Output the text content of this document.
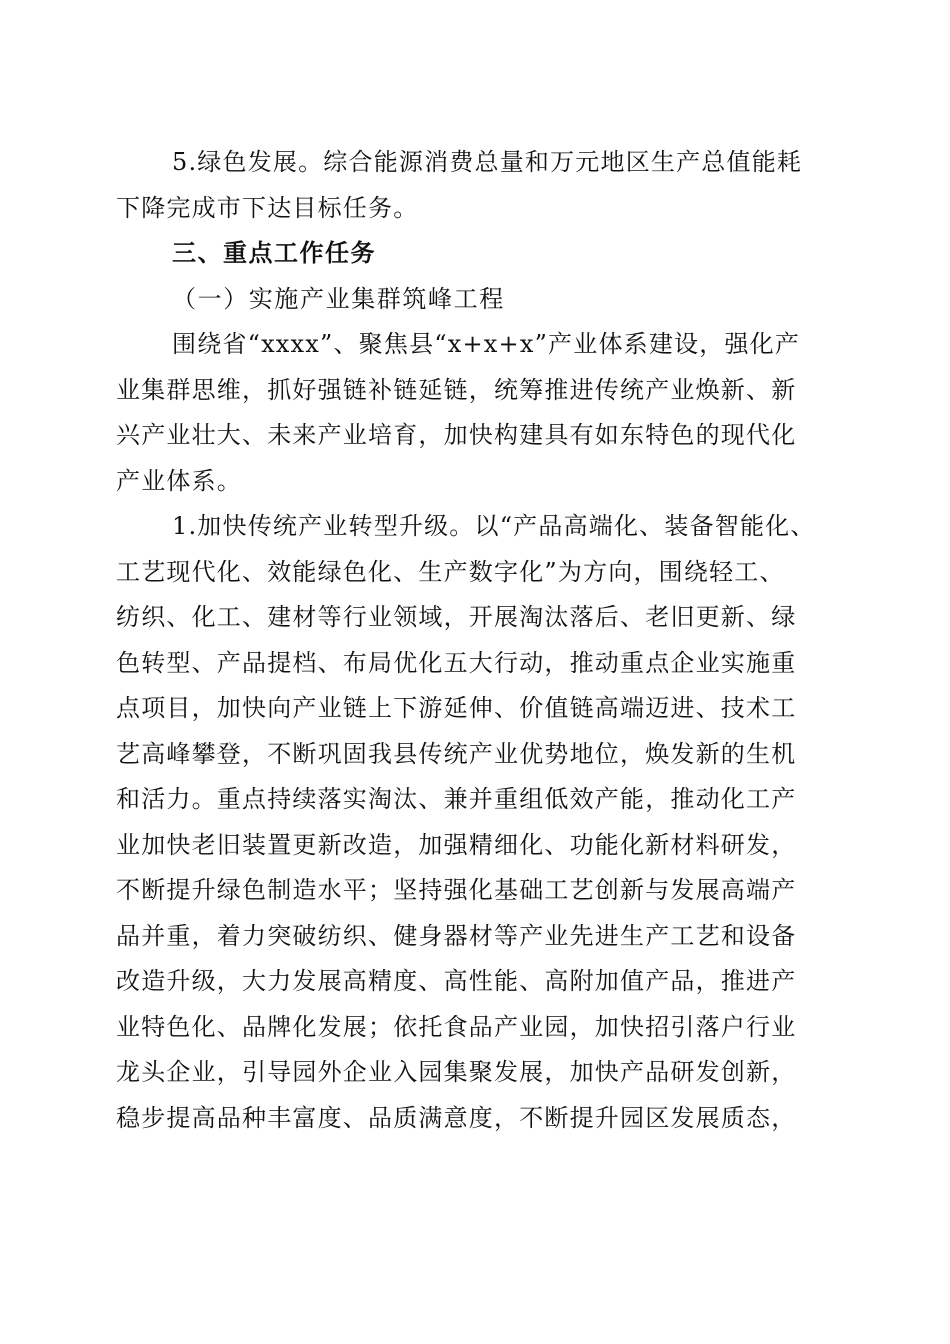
5.绿色发展。综合能源消费总量和万元地区生产总值能耗
下降完成市下达目标任务。
三、重点工作任务
（一）实施产业集群筑峰工程
围绕省“xxxx”、聚焦县“x+x+x”产业体系建设，强化产
业集群思维，抓好强链补链延链，统筹推进传统产业焕新、新
兴产业壮大、未来产业培育，加快构建具有如东特色的现代化
产业体系。
1.加快传统产业转型升级。以“产品高端化、装备智能化、
工艺现代化、效能绿色化、生产数字化”为方向，围绕轻工、
纺织、化工、建材等行业领域，开展淘汰落后、老旧更新、绿
色转型、产品提档、布局优化五大行动，推动重点企业实施重
点项目，加快向产业链上下游延伸、价值链高端迈进、技术工
艺高峰攀登，不断巩固我县传统产业优势地位，焕发新的生机
和活力。重点持续落实淘汰、兼并重组低效产能，推动化工产
业加快老旧装置更新改造，加强精细化、功能化新材料研发，
不断提升绿色制造水平；坚持强化基础工艺创新与发展高端产
品并重，着力突破纺织、健身器材等产业先进生产工艺和设备
改造升级，大力发展高精度、高性能、高附加值产品，推进产
业特色化、品牌化发展；依托食品产业园，加快招引落户行业
龙头企业，引导园外企业入园集聚发展，加快产品研发创新，
稳步提高品种丰富度、品质满意度，不断提升园区发展质态，
